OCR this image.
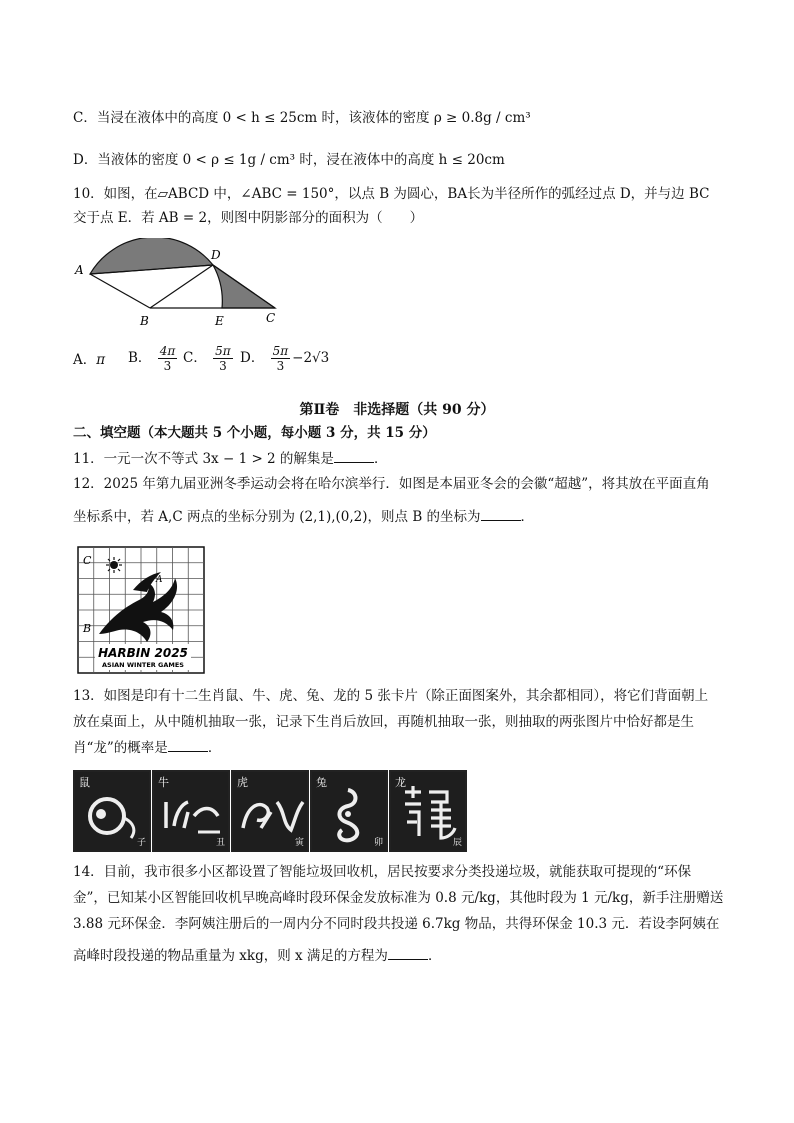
C．当浸在液体中的高度 0 < h ≤ 25cm 时，该液体的密度 ρ ≥ 0.8g / cm³
D．当液体的密度 0 < ρ ≤ 1g / cm³ 时，浸在液体中的高度 h ≤ 20cm
10．如图，在▱ABCD 中，∠ABC = 150°，以点 B 为圆心，BA长为半径所作的弧经过点 D，并与边 BC
交于点 E．若 AB = 2，则图中阴影部分的面积为（　　）
A
D
B	E	C
A．π B． $\frac{4\pi}{3}$ C． $\frac{5\pi}{3}$ D． $\frac{5\pi}{3} -2√3$
第Ⅱ卷　非选择题（共 90 分）
二、填空题（本大题共 5 个小题，每小题 3 分，共 15 分）
11．一元一次不等式 3x − 1 > 2 的解集是	．
12．2025 年第九届亚洲冬季运动会将在哈尔滨举行．如图是本届亚冬会的会徽“超越”，将其放在平面直角
坐标系中，若 A,C 两点的坐标分别为 (2,1),(0,2)，则点 B 的坐标为	．
C
A
B
HARBIN 2025
ASIAN WINTER GAMES
13．如图是印有十二生肖鼠、牛、虎、兔、龙的 5 张卡片（除正面图案外，其余都相同），将它们背面朝上
放在桌面上，从中随机抽取一张，记录下生肖后放回，再随机抽取一张，则抽取的两张图片中恰好都是生
肖“龙”的概率是	．
鼠
子
牛
丑
虎
寅
兔
卯
龙
辰
14．目前，我市很多小区都设置了智能垃圾回收机，居民按要求分类投递垃圾，就能获取可提现的“环保
金”，已知某小区智能回收机早晚高峰时段环保金发放标准为 0.8 元/kg，其他时段为 1 元/kg，新手注册赠送
3.88 元环保金．李阿姨注册后的一周内分不同时段共投递 6.7kg 物品，共得环保金 10.3 元．若设李阿姨在
高峰时段投递的物品重量为 xkg，则 x 满足的方程为	．
